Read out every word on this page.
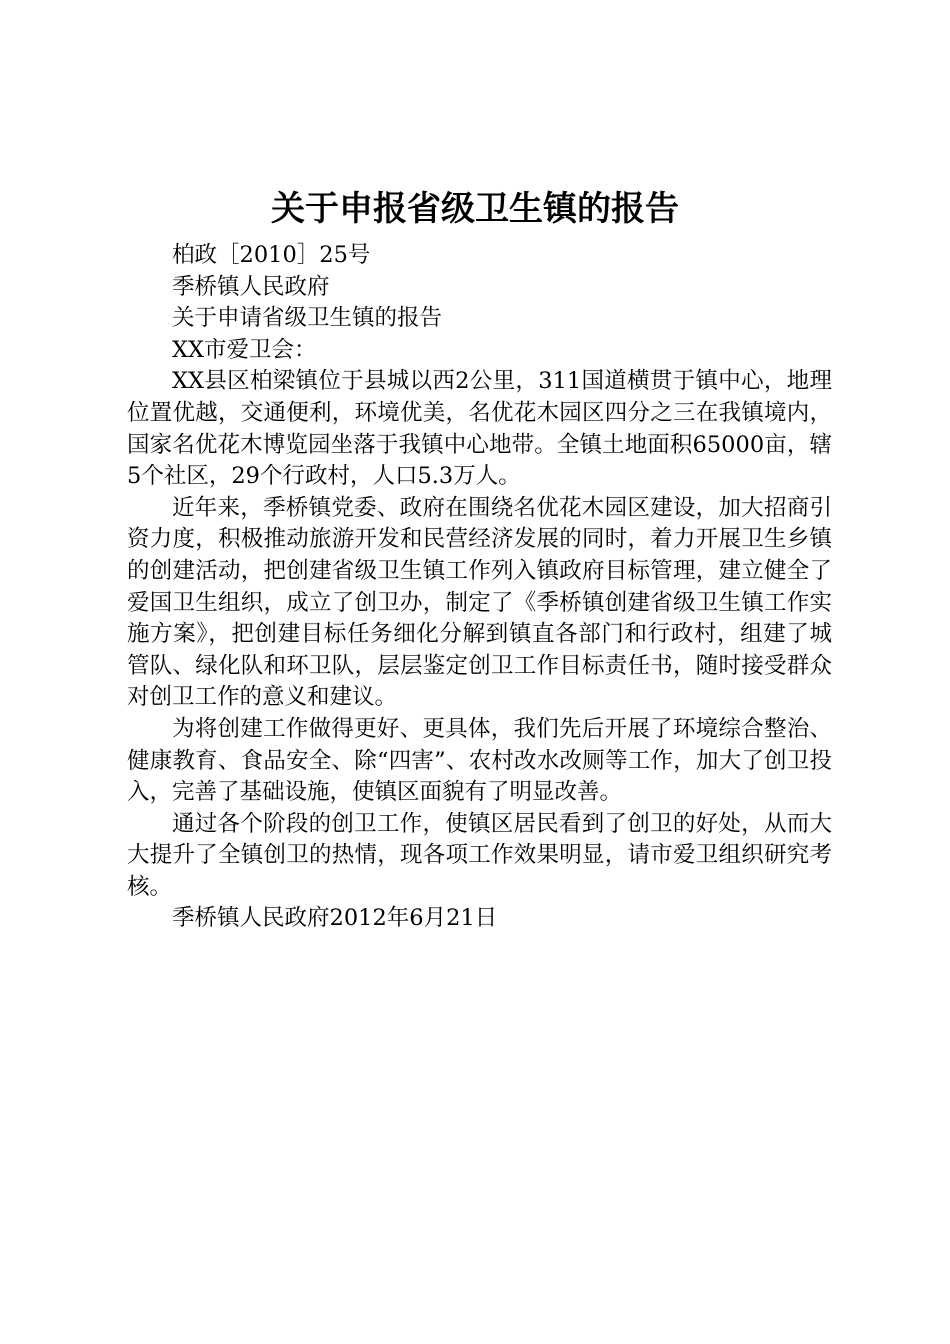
关于申报省级卫生镇的报告

柏政［2010］25号

季桥镇人民政府

关于申请省级卫生镇的报告

XX市爱卫会：

XX县区柏梁镇位于县城以西2公里，311国道横贯于镇中心，地理位置优越，交通便利，环境优美，名优花木园区四分之三在我镇境内，国家名优花木博览园坐落于我镇中心地带。全镇土地面积65000亩，辖5个社区，29个行政村，人口5.3万人。

近年来，季桥镇党委、政府在围绕名优花木园区建设，加大招商引资力度，积极推动旅游开发和民营经济发展的同时，着力开展卫生乡镇的创建活动，把创建省级卫生镇工作列入镇政府目标管理，建立健全了爱国卫生组织，成立了创卫办，制定了《季桥镇创建省级卫生镇工作实施方案》，把创建目标任务细化分解到镇直各部门和行政村，组建了城管队、绿化队和环卫队，层层鉴定创卫工作目标责任书，随时接受群众对创卫工作的意义和建议。

为将创建工作做得更好、更具体，我们先后开展了环境综合整治、健康教育、食品安全、除“四害”、农村改水改厕等工作，加大了创卫投入，完善了基础设施，使镇区面貌有了明显改善。

通过各个阶段的创卫工作，使镇区居民看到了创卫的好处，从而大大提升了全镇创卫的热情，现各项工作效果明显，请市爱卫组织研究考核。

季桥镇人民政府2012年6月21日
